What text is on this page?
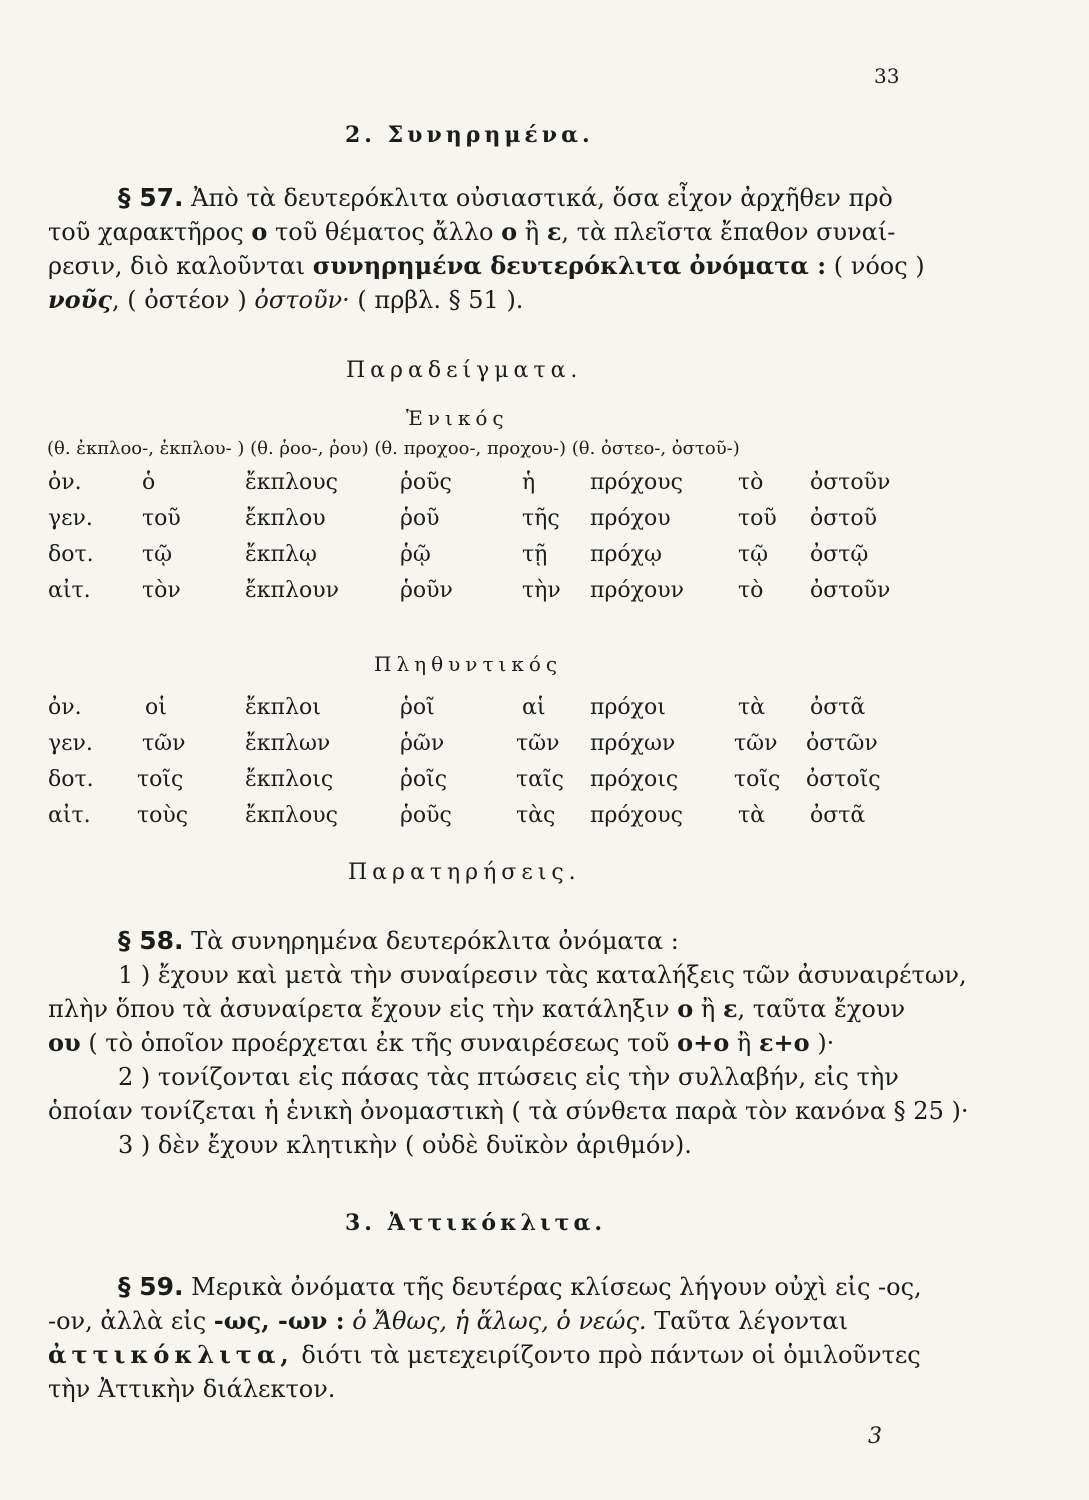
33
2. Συνηρημένα.
§ 57. Ἀπὸ τὰ δευτερόκλιτα οὐσιαστικά, ὅσα εἶχον ἀρχῆθεν πρὸ
τοῦ χαρακτῆρος ο τοῦ θέματος ἄλλο ο ἢ ε, τὰ πλεῖστα ἔπαθον συναί-
ρεσιν, διὸ καλοῦνται συνηρημένα δευτερόκλιτα ὀνόματα : ( νόος )
νοῦς, ( ὀστέον ) ὀστοῦν· ( πρβλ. § 51 ).
Παραδείγματα.
Ἑνικός
(θ. ἐκπλοο-, ἐκπλου- ) (θ. ῥοο-, ῥου) (θ. προχοο-, προχου-) (θ. ὀστεο-, ὀστοῦ-)
ὀν.	ὁ	ἔκπλους	ῥοῦς	ἡ πρόχους	τὸ ὀστοῦν
γεν. τοῦ	ἔκπλου	ῥοῦ	τῆς πρόχου	τοῦ ὀστοῦ
δοτ. τῷ	ἔκπλῳ	ῥῷ	τῇ πρόχῳ	τῷ ὀστῷ
αἰτ. τὸν	ἔκπλουν	ῥοῦν	τὴν πρόχουν τὸ ὀστοῦν
Πληθυντικός
ὀν.	οἱ	ἔκπλοι	ῥοῖ	αἱ πρόχοι	τὰ ὀστᾶ
γεν. τῶν	ἔκπλων	ῥῶν	τῶν πρόχων	τῶν ὀστῶν
δοτ. τοῖς	ἔκπλοις	ῥοῖς	ταῖς πρόχοις	τοῖς ὀστοῖς
αἰτ. τοὺς	ἔκπλους	ῥοῦς	τὰς πρόχους	τὰ ὀστᾶ
Παρατηρήσεις.
§ 58. Τὰ συνηρημένα δευτερόκλιτα ὀνόματα :
1 ) ἔχουν καὶ μετὰ τὴν συναίρεσιν τὰς καταλήξεις τῶν ἀσυναιρέτων,
πλὴν ὅπου τὰ ἀσυναίρετα ἔχουν εἰς τὴν κατάληξιν ο ἢ ε, ταῦτα ἔχουν
ου ( τὸ ὁποῖον προέρχεται ἐκ τῆς συναιρέσεως τοῦ ο+ο ἢ ε+ο )·
2 ) τονίζονται εἰς πάσας τὰς πτώσεις εἰς τὴν συλλαβήν, εἰς τὴν
ὁποίαν τονίζεται ἡ ἑνικὴ ὀνομαστικὴ ( τὰ σύνθετα παρὰ τὸν κανόνα § 25 )·
3 ) δὲν ἔχουν κλητικὴν ( οὐδὲ δυϊκὸν ἀριθμόν).
3. Ἀττικόκλιτα.
§ 59. Μερικὰ ὀνόματα τῆς δευτέρας κλίσεως λήγουν οὐχὶ εἰς -ος,
-ον, ἀλλὰ εἰς -ως, -ων : ὁ Ἄθως, ἡ ἅλως, ὁ νεώς. Ταῦτα λέγονται
ἀττικόκλιτα, διότι τὰ μετεχειρίζοντο πρὸ πάντων οἱ ὁμιλοῦντες
τὴν Ἀττικὴν διάλεκτον.
3
